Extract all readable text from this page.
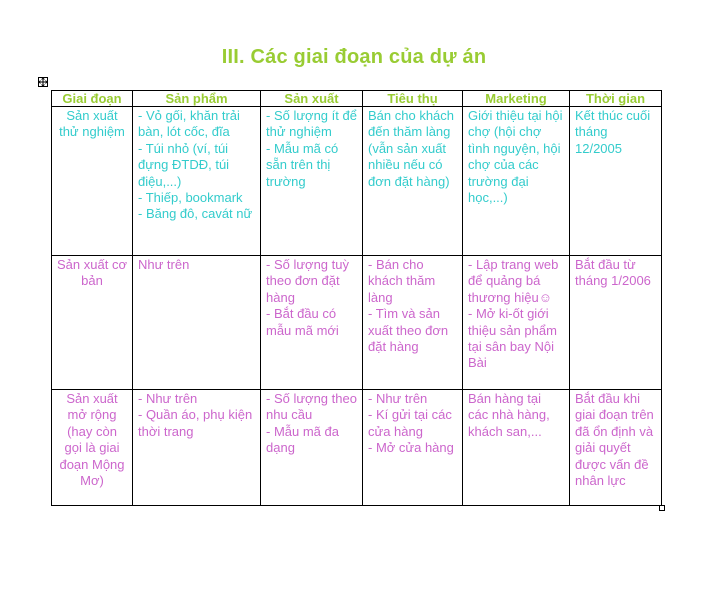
III. Các giai đoạn của dự án
Giai đoạn	Sản phẩm	Sản xuất	Tiêu thụ	Marketing	Thời gian
Sản xuất thử nghiệm	- Vỏ gối, khăn trải bàn, lót cốc, đĩa
- Túi nhỏ (ví, túi đựng ĐTDĐ, túi điệu,...)
- Thiếp, bookmark
- Băng đô, cavát nữ	- Số lượng ít để thử nghiệm
- Mẫu mã có sẵn trên thị trường	Bán cho khách đến thăm làng (vẫn sản xuất nhiều nếu có đơn đặt hàng)	Giới thiệu tại hội chợ (hội chợ tình nguyện, hội chợ của các trường đại học,...)	Kết thúc cuối tháng 12/2005

Sản xuất cơ bản	Như trên	- Số lượng tuỳ theo đơn đặt hàng
- Bắt đầu có mẫu mã mới	- Bán cho khách thăm làng
- Tìm và sản xuất theo đơn đặt hàng	- Lập trang web để quảng bá thương hiệu☺
- Mở ki-ốt giới thiệu sản phẩm tại sân bay Nội Bài	Bắt đầu từ tháng 1/2006

Sản xuất mở rộng (hay còn gọi là giai đoạn Mộng Mơ)	- Như trên
- Quần áo, phụ kiện thời trang	- Số lượng theo nhu cầu
- Mẫu mã đa dạng	- Như trên
- Kí gửi tại các cửa hàng
- Mở cửa hàng	Bán hàng tại các nhà hàng, khách san,...	Bắt đầu khi giai đoạn trên đã ổn định và giải quyết được vấn đề nhân lực
